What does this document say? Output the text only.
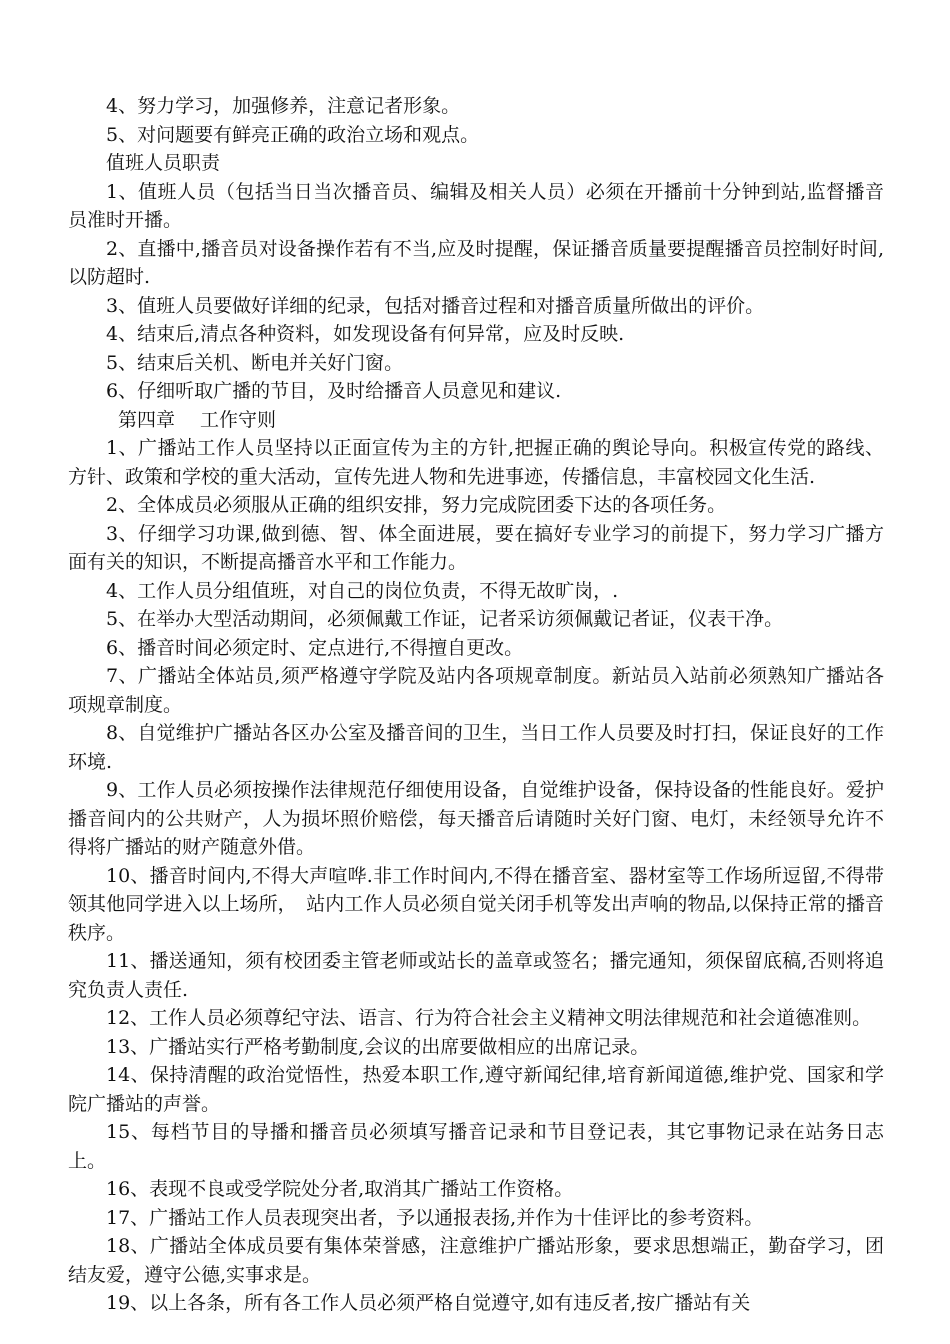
4、努力学习，加强修养，注意记者形象。

5、对问题要有鲜亮正确的政治立场和观点。

值班人员职责

1、值班人员（包括当日当次播音员、编辑及相关人员）必须在开播前十分钟到站,监督播音员准时开播。

2、直播中,播音员对设备操作若有不当,应及时提醒，保证播音质量要提醒播音员控制好时间,以防超时.

3、值班人员要做好详细的纪录，包括对播音过程和对播音质量所做出的评价。

4、结束后,清点各种资料，如发现设备有何异常，应及时反映.

5、结束后关机、断电并关好门窗。

6、仔细听取广播的节目，及时给播音人员意见和建议.

第四章　 工作守则

1、广播站工作人员坚持以正面宣传为主的方针,把握正确的舆论导向。积极宣传党的路线、方针、政策和学校的重大活动，宣传先进人物和先进事迹，传播信息，丰富校园文化生活.

2、全体成员必须服从正确的组织安排，努力完成院团委下达的各项任务。

3、仔细学习功课,做到德、智、体全面进展，要在搞好专业学习的前提下，努力学习广播方面有关的知识，不断提高播音水平和工作能力。

4、工作人员分组值班，对自己的岗位负责，不得无故旷岗，.

5、在举办大型活动期间，必须佩戴工作证，记者采访须佩戴记者证，仪表干净。

6、播音时间必须定时、定点进行,不得擅自更改。

7、广播站全体站员,须严格遵守学院及站内各项规章制度。新站员入站前必须熟知广播站各项规章制度。

8、自觉维护广播站各区办公室及播音间的卫生，当日工作人员要及时打扫，保证良好的工作环境.

9、工作人员必须按操作法律规范仔细使用设备，自觉维护设备，保持设备的性能良好。爱护播音间内的公共财产，人为损坏照价赔偿，每天播音后请随时关好门窗、电灯，未经领导允许不得将广播站的财产随意外借。

10、播音时间内,不得大声喧哗.非工作时间内,不得在播音室、器材室等工作场所逗留,不得带领其他同学进入以上场所，　站内工作人员必须自觉关闭手机等发出声响的物品,以保持正常的播音秩序。

11、播送通知，须有校团委主管老师或站长的盖章或签名；播完通知，须保留底稿,否则将追究负责人责任.

12、工作人员必须尊纪守法、语言、行为符合社会主义精神文明法律规范和社会道德准则。

13、广播站实行严格考勤制度,会议的出席要做相应的出席记录。

14、保持清醒的政治觉悟性，热爱本职工作,遵守新闻纪律,培育新闻道德,维护党、国家和学院广播站的声誉。

15、每档节目的导播和播音员必须填写播音记录和节目登记表，其它事物记录在站务日志上。

16、表现不良或受学院处分者,取消其广播站工作资格。

17、广播站工作人员表现突出者，予以通报表扬,并作为十佳评比的参考资料。

18、广播站全体成员要有集体荣誉感，注意维护广播站形象，要求思想端正，勤奋学习，团结友爱，遵守公德,实事求是。

19、以上各条，所有各工作人员必须严格自觉遵守,如有违反者,按广播站有关
